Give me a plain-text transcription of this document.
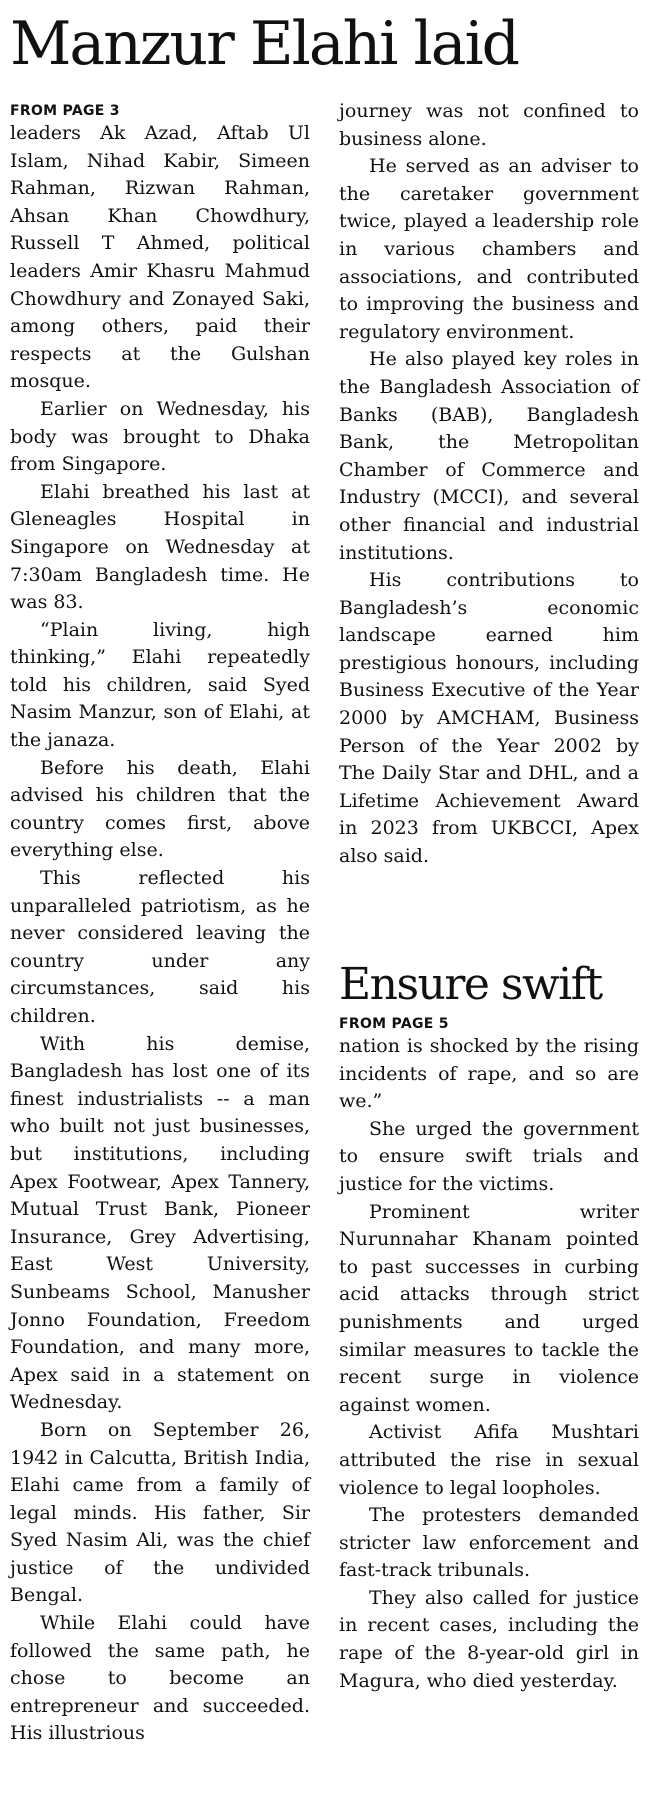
Manzur Elahi laid
FROM PAGE 3

leaders Ak Azad, Aftab Ul Islam, Nihad Kabir, Simeen Rahman, Rizwan Rahman, Ahsan Khan Chowdhury, Russell T Ahmed, political leaders Amir Khasru Mahmud Chowdhury and Zonayed Saki, among others, paid their respects at the Gulshan mosque.

Earlier on Wednesday, his body was brought to Dhaka from Singapore.

Elahi breathed his last at Gleneagles Hospital in Singapore on Wednesday at 7:30am Bangladesh time. He was 83.

“Plain living, high thinking,” Elahi repeatedly told his children, said Syed Nasim Manzur, son of Elahi, at the janaza.

Before his death, Elahi advised his children that the country comes first, above everything else.

This reflected his unparalleled patriotism, as he never considered leaving the country under any circumstances, said his children.

With his demise, Bangladesh has lost one of its finest industrialists -- a man who built not just businesses, but institutions, including Apex Footwear, Apex Tannery, Mutual Trust Bank, Pioneer Insurance, Grey Advertising, East West University, Sunbeams School, Manusher Jonno Foundation, Freedom Foundation, and many more, Apex said in a statement on Wednesday.

Born on September 26, 1942 in Calcutta, British India, Elahi came from a family of legal minds. His father, Sir Syed Nasim Ali, was the chief justice of the undivided Bengal.

While Elahi could have followed the same path, he chose to become an entrepreneur and succeeded. His illustrious

journey was not confined to business alone.

He served as an adviser to the caretaker government twice, played a leadership role in various chambers and associations, and contributed to improving the business and regulatory environment.

He also played key roles in the Bangladesh Association of Banks (BAB), Bangladesh Bank, the Metropolitan Chamber of Commerce and Industry (MCCI), and several other financial and industrial institutions.

His contributions to Bangladesh’s economic landscape earned him prestigious honours, including Business Executive of the Year 2000 by AMCHAM, Business Person of the Year 2002 by The Daily Star and DHL, and a Lifetime Achievement Award in 2023 from UKBCCI, Apex also said.

Ensure swift
FROM PAGE 5

nation is shocked by the rising incidents of rape, and so are we.”

She urged the government to ensure swift trials and justice for the victims.

Prominent writer Nurunnahar Khanam pointed to past successes in curbing acid attacks through strict punishments and urged similar measures to tackle the recent surge in violence against women.

Activist Afifa Mushtari attributed the rise in sexual violence to legal loopholes.

The protesters demanded stricter law enforcement and fast-track tribunals.

They also called for justice in recent cases, including the rape of the 8-year-old girl in Magura, who died yesterday.
